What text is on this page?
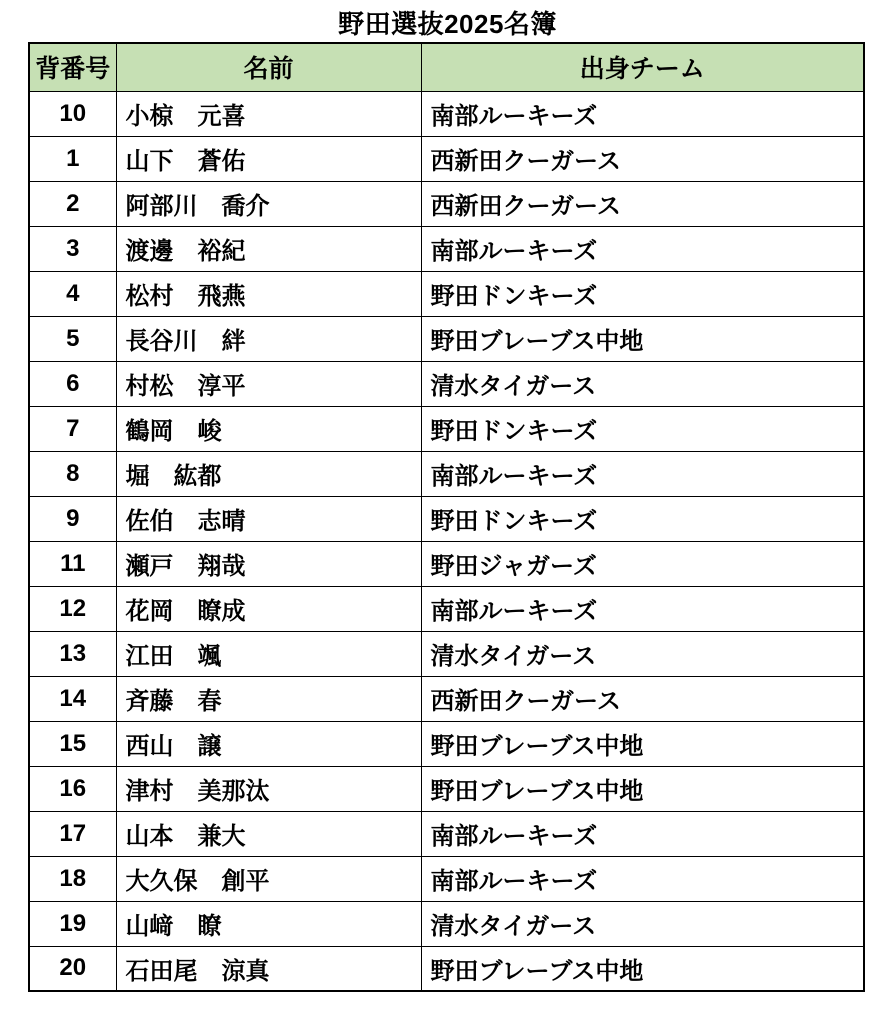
野田選抜2025名簿
背番号	名前	出身チーム
10	小椋　元喜	南部ルーキーズ
1	山下　蒼佑	西新田クーガース
2	阿部川　喬介	西新田クーガース
3	渡邊　裕紀	南部ルーキーズ
4	松村　飛燕	野田ドンキーズ
5	長谷川　絆	野田ブレーブス中地
6	村松　淳平	清水タイガース
7	鶴岡　峻	野田ドンキーズ
8	堀　紘都	南部ルーキーズ
9	佐伯　志晴	野田ドンキーズ
11	瀬戸　翔哉	野田ジャガーズ
12	花岡　瞭成	南部ルーキーズ
13	江田　颯	清水タイガース
14	斉藤　春	西新田クーガース
15	西山　譲	野田ブレーブス中地
16	津村　美那汰	野田ブレーブス中地
17	山本　兼大	南部ルーキーズ
18	大久保　創平	南部ルーキーズ
19	山﨑　瞭	清水タイガース
20	石田尾　涼真	野田ブレーブス中地
